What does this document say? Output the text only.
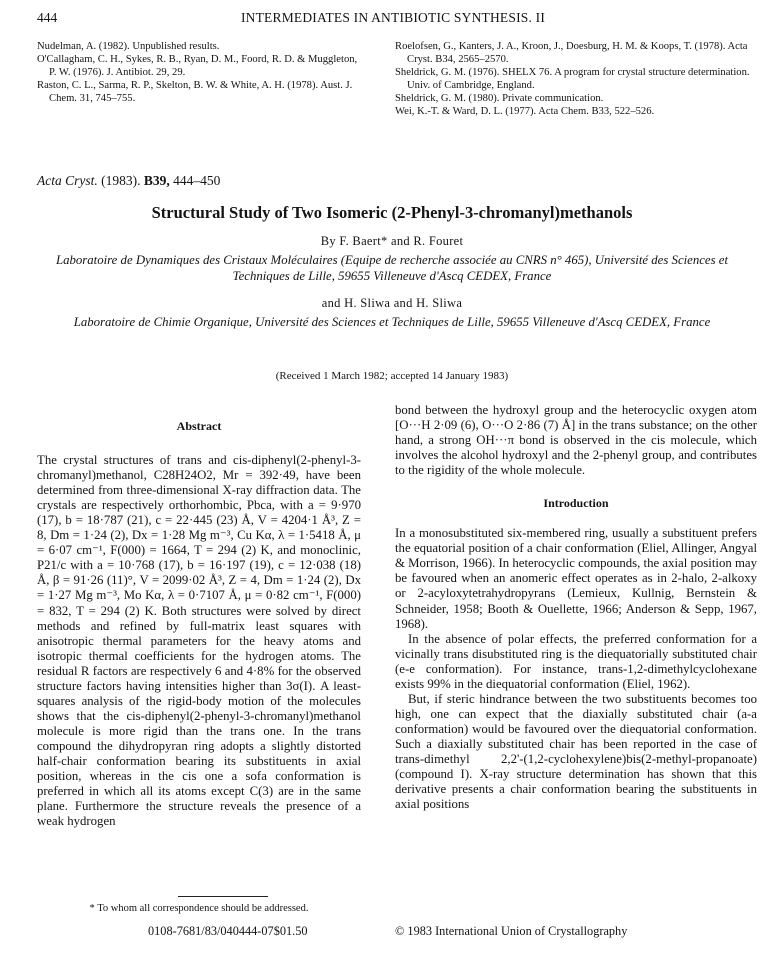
444	INTERMEDIATES IN ANTIBIOTIC SYNTHESIS. II
Nudelman, A. (1982). Unpublished results.
O'Callagham, C. H., Sykes, R. B., Ryan, D. M., Foord, R. D. & Muggleton, P. W. (1976). J. Antibiot. 29, 29.
Raston, C. L., Sarma, R. P., Skelton, B. W. & White, A. H. (1978). Aust. J. Chem. 31, 745–755.
Roelofsen, G., Kanters, J. A., Kroon, J., Doesburg, H. M. & Koops, T. (1978). Acta Cryst. B34, 2565–2570.
Sheldrick, G. M. (1976). SHELX 76. A program for crystal structure determination. Univ. of Cambridge, England.
Sheldrick, G. M. (1980). Private communication.
Wei, K.-T. & Ward, D. L. (1977). Acta Chem. B33, 522–526.
Acta Cryst. (1983). B39, 444–450
Structural Study of Two Isomeric (2-Phenyl-3-chromanyl)methanols
By F. Baert* and R. Fouret
Laboratoire de Dynamiques des Cristaux Moléculaires (Equipe de recherche associée au CNRS n° 465), Université des Sciences et Techniques de Lille, 59655 Villeneuve d'Ascq CEDEX, France
and H. Sliwa and H. Sliwa
Laboratoire de Chimie Organique, Université des Sciences et Techniques de Lille, 59655 Villeneuve d'Ascq CEDEX, France
(Received 1 March 1982; accepted 14 January 1983)
Abstract
The crystal structures of trans and cis-diphenyl(2-phenyl-3-chromanyl)methanol, C28H24O2, Mr = 392·49, have been determined from three-dimensional X-ray diffraction data. The crystals are respectively orthorhombic, Pbca, with a = 9·970 (17), b = 18·787 (21), c = 22·445 (23) Å, V = 4204·1 Å³, Z = 8, Dm = 1·24 (2), Dx = 1·28 Mg m⁻³, Cu Kα, λ = 1·5418 Å, μ = 6·07 cm⁻¹, F(000) = 1664, T = 294 (2) K, and monoclinic, P21/c with a = 10·768 (17), b = 16·197 (19), c = 12·038 (18) Å, β = 91·26 (11)°, V = 2099·02 Å³, Z = 4, Dm = 1·24 (2), Dx = 1·27 Mg m⁻³, Mo Kα, λ = 0·7107 Å, μ = 0·82 cm⁻¹, F(000) = 832, T = 294 (2) K. Both structures were solved by direct methods and refined by full-matrix least squares with anisotropic thermal parameters for the heavy atoms and isotropic thermal coefficients for the hydrogen atoms. The residual R factors are respectively 6 and 4·8% for the observed structure factors having intensities higher than 3σ(I). A least-squares analysis of the rigid-body motion of the molecules shows that the cis-diphenyl(2-phenyl-3-chromanyl)methanol molecule is more rigid than the trans one. In the trans compound the dihydropyran ring adopts a slightly distorted half-chair conformation bearing its substituents in axial position, whereas in the cis one a sofa conformation is preferred in which all its atoms except C(3) are in the same plane. Furthermore the structure reveals the presence of a weak hydrogen
bond between the hydroxyl group and the heterocyclic oxygen atom [O···H 2·09 (6), O···O 2·86 (7) Å] in the trans substance; on the other hand, a strong OH···π bond is observed in the cis molecule, which involves the alcohol hydroxyl and the 2-phenyl group, and contributes to the rigidity of the whole molecule.
Introduction
In a monosubstituted six-membered ring, usually a substituent prefers the equatorial position of a chair conformation (Eliel, Allinger, Angyal & Morrison, 1966). In heterocyclic compounds, the axial position may be favoured when an anomeric effect operates as in 2-halo, 2-alkoxy or 2-acyloxytetrahydropyrans (Lemieux, Kullnig, Bernstein & Schneider, 1958; Booth & Ouellette, 1966; Anderson & Sepp, 1967, 1968).
In the absence of polar effects, the preferred conformation for a vicinally trans disubstituted ring is the diequatorially substituted chair (e-e conformation). For instance, trans-1,2-dimethylcyclohexane exists 99% in the diequatorial conformation (Eliel, 1962).
But, if steric hindrance between the two substituents becomes too high, one can expect that the diaxially substituted chair (a-a conformation) would be favoured over the diequatorial conformation. Such a diaxially substituted chair has been reported in the case of trans-dimethyl 2,2'-(1,2-cyclohexylene)bis(2-methyl-propanoate) (compound I). X-ray structure determination has shown that this derivative presents a chair conformation bearing the substituents in axial positions
* To whom all correspondence should be addressed.
0108-7681/83/040444-07$01.50	© 1983 International Union of Crystallography
